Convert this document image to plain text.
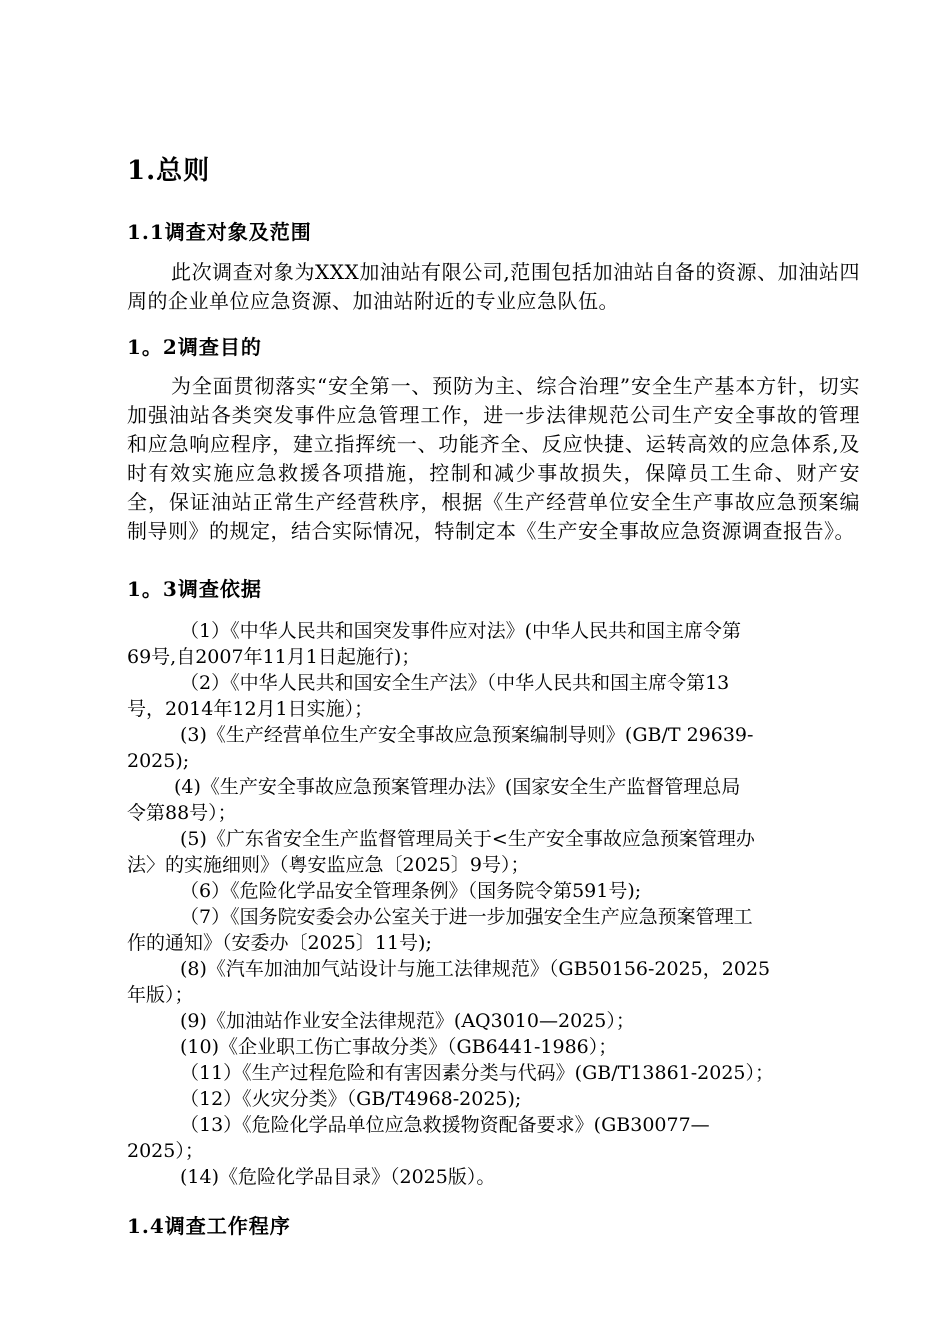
1.总则
1.1调查对象及范围
此次调查对象为XXX加油站有限公司,范围包括加油站自备的资源、加油站四周的企业单位应急资源、加油站附近的专业应急队伍。
1。2调查目的
为全面贯彻落实“安全第一、预防为主、综合治理”安全生产基本方针，切实加强油站各类突发事件应急管理工作，进一步法律规范公司生产安全事故的管理和应急响应程序，建立指挥统一、功能齐全、反应快捷、运转高效的应急体系,及时有效实施应急救援各项措施，控制和减少事故损失，保障员工生命、财产安全，保证油站正常生产经营秩序，根据《生产经营单位安全生产事故应急预案编制导则》的规定，结合实际情况，特制定本《生产安全事故应急资源调查报告》。
1。3调查依据
（1）《中华人民共和国突发事件应对法》(中华人民共和国主席令第
69号,自2007年11月1日起施行)；
（2）《中华人民共和国安全生产法》（中华人民共和国主席令第13
号，2014年12月1日实施）；
(3)《生产经营单位生产安全事故应急预案编制导则》(GB/T 29639-
2025);
(4)《生产安全事故应急预案管理办法》(国家安全生产监督管理总局
令第88号）；
(5)《广东省安全生产监督管理局关于<生产安全事故应急预案管理办
法〉的实施细则》（粤安监应急〔2025〕9号）；
（6）《危险化学品安全管理条例》（国务院令第591号);
（7）《国务院安委会办公室关于进一步加强安全生产应急预案管理工
作的通知》（安委办〔2025〕11号);
(8)《汽车加油加气站设计与施工法律规范》（GB50156-2025，2025
年版）；
(9)《加油站作业安全法律规范》(AQ3010—2025）；
(10)《企业职工伤亡事故分类》（GB6441-1986）；
（11）《生产过程危险和有害因素分类与代码》(GB/T13861-2025）；
（12）《火灾分类》（GB/T4968-2025);
（13）《危险化学品单位应急救援物资配备要求》(GB30077—
2025）；
(14)《危险化学品目录》（2025版）。
1.4调查工作程序
